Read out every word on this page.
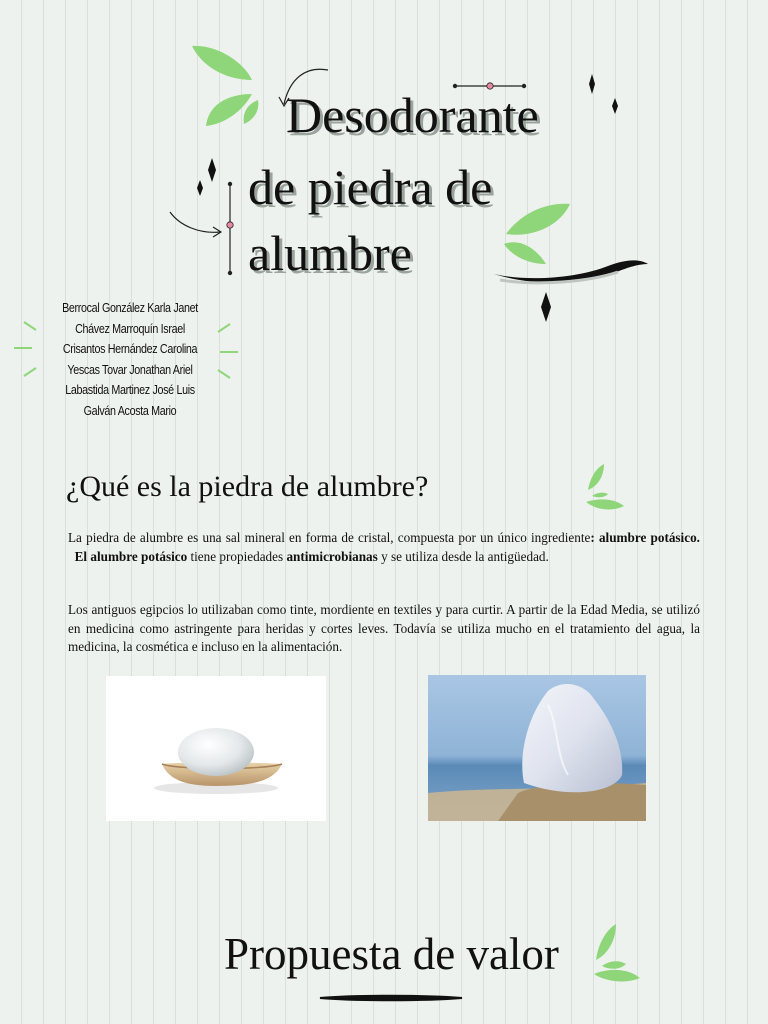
Desodorante
de piedra de
alumbre
Berrocal González Karla Janet
Chávez Marroquín Israel
Crisantos Hernández Carolina
Yescas Tovar Jonathan Ariel
Labastida Martinez José Luis
Galván Acosta Mario
¿Qué es la piedra de alumbre?

La piedra de alumbre es una sal mineral en forma de cristal, compuesta por un único ingrediente: alumbre potásico.  El alumbre potásico tiene propiedades antimicrobianas y se utiliza desde la antigüedad.

Los antiguos egipcios lo utilizaban como tinte, mordiente en textiles y para curtir. A partir de la Edad Media, se utilizó en medicina como astringente para heridas y cortes leves. Todavía se utiliza mucho en el tratamiento del agua, la medicina, la cosmética e incluso en la alimentación.

Propuesta de valor
